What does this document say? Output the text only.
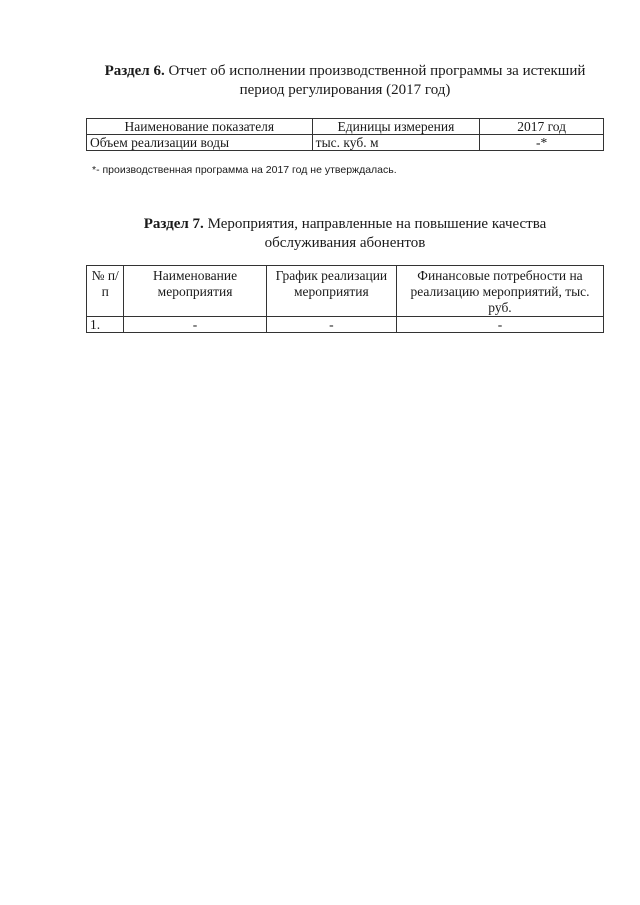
Раздел 6. Отчет об исполнении производственной программы за истекший период регулирования (2017 год)
Наименование показателя	Единицы измерения	2017 год
Объем реализации воды	тыс. куб. м	-*
*- производственная программа на 2017 год не утверждалась.
Раздел 7. Мероприятия, направленные на повышение качества обслуживания абонентов
№ п/п	Наименование мероприятия	График реализации мероприятия	Финансовые потребности на реализацию мероприятий, тыс. руб.
1.	-	-	-
